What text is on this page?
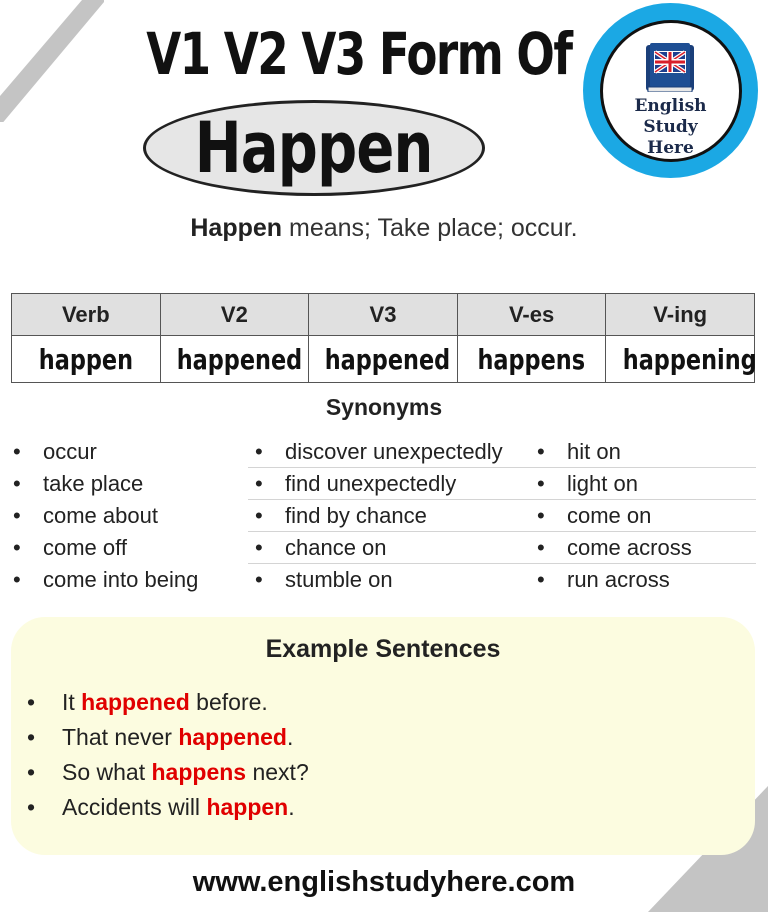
V1 V2 V3 Form Of
Happen
English Study
Here
Happen means; Take place; occur.
Verb	V2	V3	V-es	V-ing
happen	happened	happened	happens	happening
Synonyms
• occur	• discover unexpectedly • hit on
• take place	• find unexpectedly	• light on
• come about	• find by chance	• come on
• come off	• chance on	• come across
• come into being	• stumble on	• run across
Example Sentences
• It happened before.
• That never happened.
• So what happens next?
• Accidents will happen.
www.englishstudyhere.com
